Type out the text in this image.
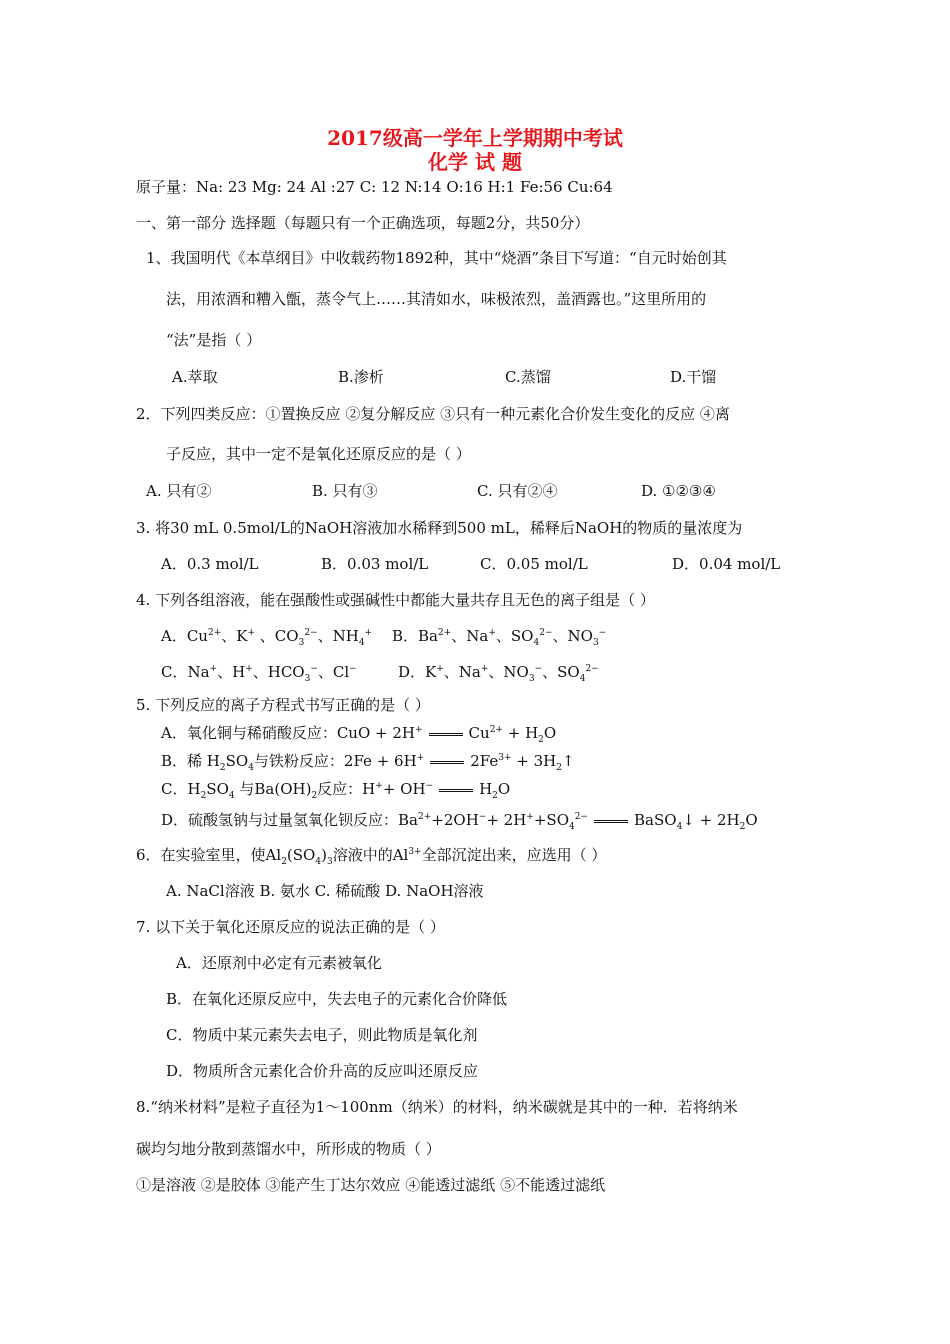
2017级高一学年上学期期中考试
化学 试 题
原子量：Na: 23 Mg: 24 Al :27 C: 12 N:14 O:16 H:1 Fe:56 Cu:64
一、第一部分 选择题（每题只有一个正确选项，每题2分，共50分）
1、我国明代《本草纲目》中收载药物1892种，其中“烧酒”条目下写道：“自元时始创其
法，用浓酒和糟入甑，蒸令气上……其清如水，味极浓烈，盖酒露也。”这里所用的
“法”是指（ ）
A.萃取	B.渗析	C.蒸馏	D.干馏
2．下列四类反应：①置换反应 ②复分解反应 ③只有一种元素化合价发生变化的反应 ④离
子反应，其中一定不是氧化还原反应的是（ ）
A. 只有②	B. 只有③	C. 只有②④	D. ①②③④
3. 将30 mL 0.5mol/L的NaOH溶液加水稀释到500 mL，稀释后NaOH的物质的量浓度为
A．0.3 mol/L	B．0.03 mol/L	C．0.05 mol/L	D．0.04 mol/L
4. 下列各组溶液，能在强酸性或强碱性中都能大量共存且无色的离子组是（ ）
A．$Cu^{2+}$、K+ 、$CO_3^{2-}$、$NH_4^+$ B．$Ba^{2+}$、Na+、$SO_4^{2-}$、$NO_3^-$
C．Na+、H+、$HCO_3^-$、Cl−	D．K+、Na+、$NO_3^-$、$SO_4^{2-}$
5. 下列反应的离子方程式书写正确的是（ ）
A．氧化铜与稀硝酸反应：CuO + 2H+	$Cu^{2+} + H_2O$
B．稀 $H_2SO_4$与铁粉反应：2Fe + 6H+	$2Fe^{3+}$ + $3H_2↑$
C．$H_2SO_4$ 与$Ba(OH)_2$反应：H++ OH−	$H_2O$
D．硫酸氢钠与过量氢氧化钡反应：$Ba^{2+}+2OH^-+ 2H^++SO_4^{2-}$	BaSO$_4$↓ + $2H_2O$
6．在实验室里，使$Al_2(SO_4)_3$溶液中的$Al^{3+}$全部沉淀出来，应选用（ ）
A. NaCl溶液 B. 氨水 C. 稀硫酸 D. NaOH溶液
7. 以下关于氧化还原反应的说法正确的是（ ）
A．还原剂中必定有元素被氧化
B．在氧化还原反应中，失去电子的元素化合价降低
C．物质中某元素失去电子，则此物质是氧化剂
D．物质所含元素化合价升高的反应叫还原反应
8.“纳米材料”是粒子直径为1～100nm（纳米）的材料，纳米碳就是其中的一种．若将纳米
碳均匀地分散到蒸馏水中，所形成的物质（ ）
①是溶液 ②是胶体 ③能产生丁达尔效应 ④能透过滤纸 ⑤不能透过滤纸
